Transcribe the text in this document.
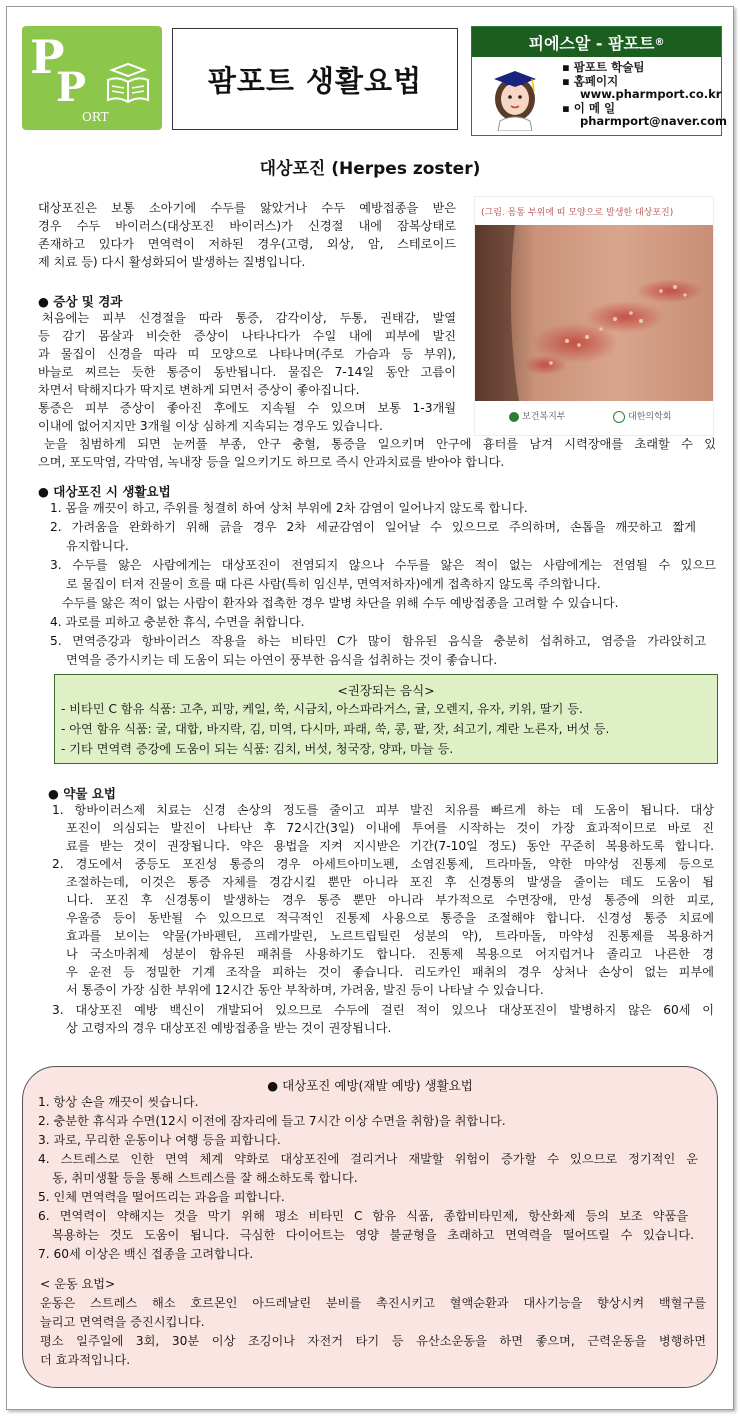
P
P
ORT
팜포트 생활요법
피에스알 - 팜포트 ®
▪ 팜포트 학술팀
▪ 홈페이지
www.pharmport.co.kr
▪ 이 메 일
pharmport@naver.com
대상포진 (Herpes zoster)
대상포진은 보통 소아기에 수두를 앓았거나 수두 예방접종을 받은
경우 수두 바이러스(대상포진 바이러스)가 신경절 내에 잠복상태로
존재하고 있다가 면역력이 저하된 경우(고령, 외상, 암, 스테로이드
제 치료 등) 다시 활성화되어 발생하는 질병입니다.
(그림. 몸통 부위에 띠 모양으로 발생한 대상포진)
보건복지부	대한의학회
● 증상 및 경과
처음에는 피부 신경절을 따라 통증, 감각이상, 두통, 권태감, 발열
등 감기 몸살과 비슷한 증상이 나타나다가 수일 내에 피부에 발진
과 물집이 신경을 따라 띠 모양으로 나타나며(주로 가슴과 등 부위),
바늘로 찌르는 듯한 통증이 동반됩니다. 물집은 7-14일 동안 고름이
차면서 탁해지다가 딱지로 변하게 되면서 증상이 좋아집니다.
통증은 피부 증상이 좋아진 후에도 지속될 수 있으며 보통 1-3개월
이내에 없어지지만 3개월 이상 심하게 지속되는 경우도 있습니다.
눈을 침범하게 되면 눈꺼풀 부종, 안구 충혈, 통증을 일으키며 안구에 흉터를 남겨 시력장애를 초래할 수 있
으며, 포도막염, 각막염, 녹내장 등을 일으키기도 하므로 즉시 안과치료를 받아야 합니다.
● 대상포진 시 생활요법
1. 몸을 깨끗이 하고, 주위를 청결히 하여 상처 부위에 2차 감염이 일어나지 않도록 합니다.
2. 가려움을 완화하기 위해 긁을 경우 2차 세균감염이 일어날 수 있으므로 주의하며, 손톱을 깨끗하고 짧게
유지합니다.
3. 수두를 앓은 사람에게는 대상포진이 전염되지 않으나 수두를 앓은 적이 없는 사람에게는 전염될 수 있으므
로 물집이 터져 진물이 흐를 때 다른 사람(특히 임신부, 면역저하자)에게 접촉하지 않도록 주의합니다.
수두를 앓은 적이 없는 사람이 환자와 접촉한 경우 발병 차단을 위해 수두 예방접종을 고려할 수 있습니다.
4. 과로를 피하고 충분한 휴식, 수면을 취합니다.
5. 면역증강과 항바이러스 작용을 하는 비타민 C가 많이 함유된 음식을 충분히 섭취하고, 염증을 가라앉히고
면역을 증가시키는 데 도움이 되는 아연이 풍부한 음식을 섭취하는 것이 좋습니다.
<권장되는 음식>
- 비타민 C 함유 식품: 고추, 피망, 케일, 쑥, 시금치, 아스파라거스, 귤, 오렌지, 유자, 키위, 딸기 등.
- 아연 함유 식품: 굴, 대합, 바지락, 김, 미역, 다시마, 파래, 쑥, 콩, 팥, 잣, 쇠고기, 계란 노른자, 버섯 등.
- 기타 면역력 증강에 도움이 되는 식품: 김치, 버섯, 청국장, 양파, 마늘 등.
● 약물 요법
1. 항바이러스제 치료는 신경 손상의 정도를 줄이고 피부 발진 치유를 빠르게 하는 데 도움이 됩니다. 대상
포진이 의심되는 발진이 나타난 후 72시간(3일) 이내에 투여를 시작하는 것이 가장 효과적이므로 바로 진
료를 받는 것이 권장됩니다. 약은 용법을 지켜 지시받은 기간(7-10일 정도) 동안 꾸준히 복용하도록 합니다.
2. 경도에서 중등도 포진성 통증의 경우 아세트아미노펜, 소염진통제, 트라마돌, 약한 마약성 진통제 등으로
조절하는데, 이것은 통증 자체를 경감시킬 뿐만 아니라 포진 후 신경통의 발생을 줄이는 데도 도움이 됩
니다. 포진 후 신경통이 발생하는 경우 통증 뿐만 아니라 부가적으로 수면장애, 만성 통증에 의한 피로,
우울증 등이 동반될 수 있으므로 적극적인 진통제 사용으로 통증을 조절해야 합니다. 신경성 통증 치료에
효과를 보이는 약물(가바펜틴, 프레가발린, 노르트립틸린 성분의 약), 트라마돌, 마약성 진통제를 복용하거
나 국소마취제 성분이 함유된 패취를 사용하기도 합니다. 진통제 복용으로 어지럽거나 졸리고 나른한 경
우 운전 등 정밀한 기계 조작을 피하는 것이 좋습니다. 리도카인 패취의 경우 상처나 손상이 없는 피부에
서 통증이 가장 심한 부위에 12시간 동안 부착하며, 가려움, 발진 등이 나타날 수 있습니다.
3. 대상포진 예방 백신이 개발되어 있으므로 수두에 걸린 적이 있으나 대상포진이 발병하지 않은 60세 이
상 고령자의 경우 대상포진 예방접종을 받는 것이 권장됩니다.
● 대상포진 예방(재발 예방) 생활요법
1. 항상 손을 깨끗이 씻습니다.
2. 충분한 휴식과 수면(12시 이전에 잠자리에 들고 7시간 이상 수면을 취함)을 취합니다.
3. 과로, 무리한 운동이나 여행 등을 피합니다.
4. 스트레스로 인한 면역 체계 약화로 대상포진에 걸리거나 재발할 위험이 증가할 수 있으므로 정기적인 운
동, 취미생활 등을 통해 스트레스를 잘 해소하도록 합니다.
5. 인체 면역력을 떨어뜨리는 과음을 피합니다.
6. 면역력이 약해지는 것을 막기 위해 평소 비타민 C 함유 식품, 종합비타민제, 항산화제 등의 보조 약품을
복용하는 것도 도움이 됩니다. 극심한 다이어트는 영양 불균형을 초래하고 면역력을 떨어뜨릴 수 있습니다.
7. 60세 이상은 백신 접종을 고려합니다.
< 운동 요법>
운동은 스트레스 해소 호르몬인 아드레날린 분비를 촉진시키고 혈액순환과 대사기능을 향상시켜 백혈구를
늘리고 면역력을 증진시킵니다.
평소 일주일에 3회, 30분 이상 조깅이나 자전거 타기 등 유산소운동을 하면 좋으며, 근력운동을 병행하면
더 효과적입니다.
